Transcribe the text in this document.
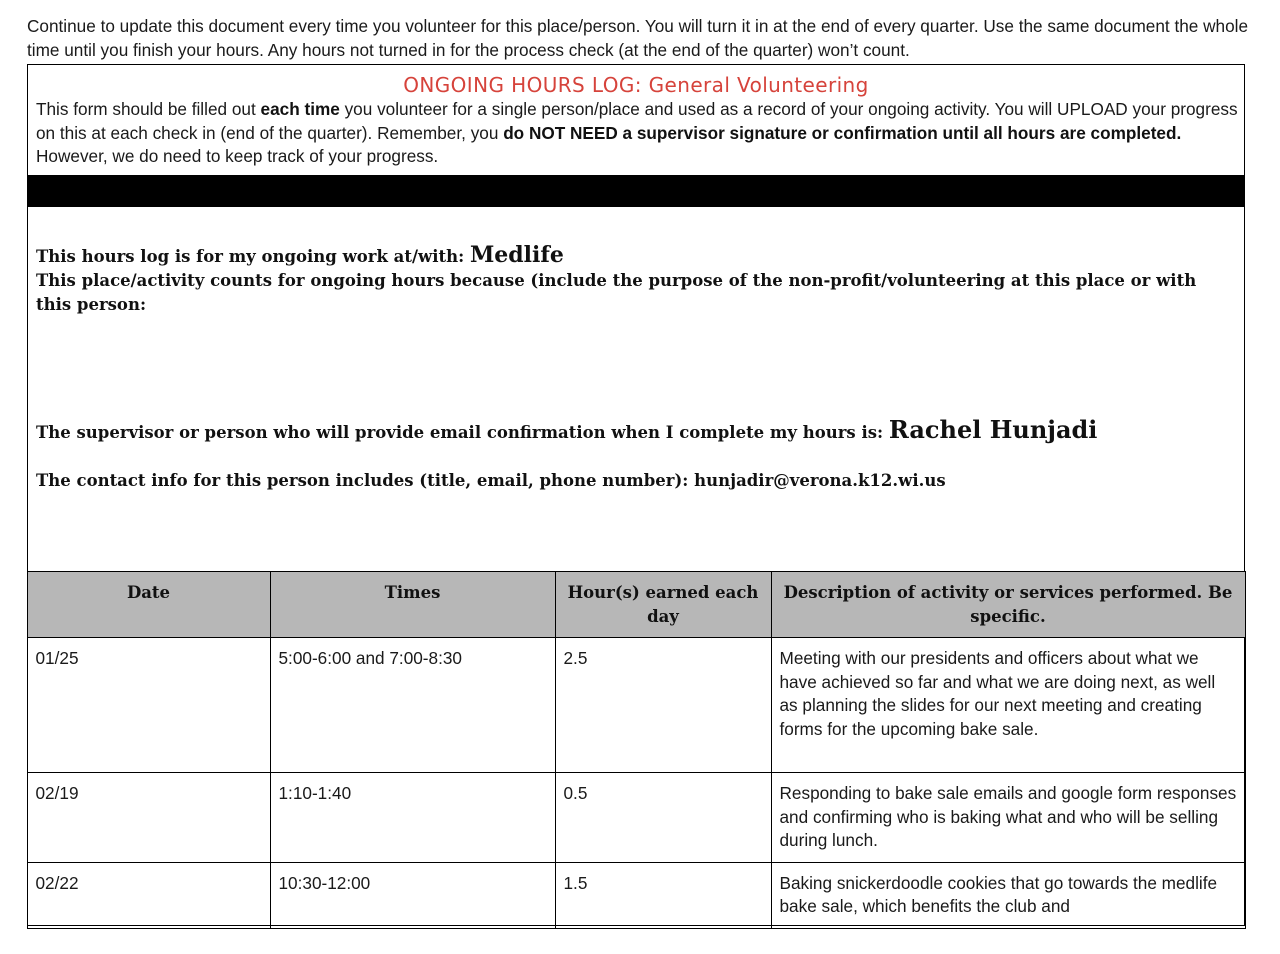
Continue to update this document every time you volunteer for this place/person. You will turn it in at the end of every quarter. Use the same document the whole time until you finish your hours. Any hours not turned in for the process check (at the end of the quarter) won’t count.
ONGOING HOURS LOG: General Volunteering
This form should be filled out each time you volunteer for a single person/place and used as a record of your ongoing activity. You will UPLOAD your progress on this at each check in (end of the quarter). Remember, you do NOT NEED a supervisor signature or confirmation until all hours are completed. However, we do need to keep track of your progress.
This hours log is for my ongoing work at/with: Medlife
This place/activity counts for ongoing hours because (include the purpose of the non-profit/volunteering at this place or with this person:
The supervisor or person who will provide email confirmation when I complete my hours is: Rachel Hunjadi
The contact info for this person includes (title, email, phone number): hunjadir@verona.k12.wi.us
Date	Times	Hour(s) earned each day	Description of activity or services performed. Be specific.
01/25	5:00-6:00 and 7:00-8:30	2.5	Meeting with our presidents and officers about what we have achieved so far and what we are doing next, as well as planning the slides for our next meeting and creating forms for the upcoming bake sale.
02/19	1:10-1:40	0.5	Responding to bake sale emails and google form responses and confirming who is baking what and who will be selling during lunch.
02/22	10:30-12:00	1.5	Baking snickerdoodle cookies that go towards the medlife bake sale, which benefits the club and
